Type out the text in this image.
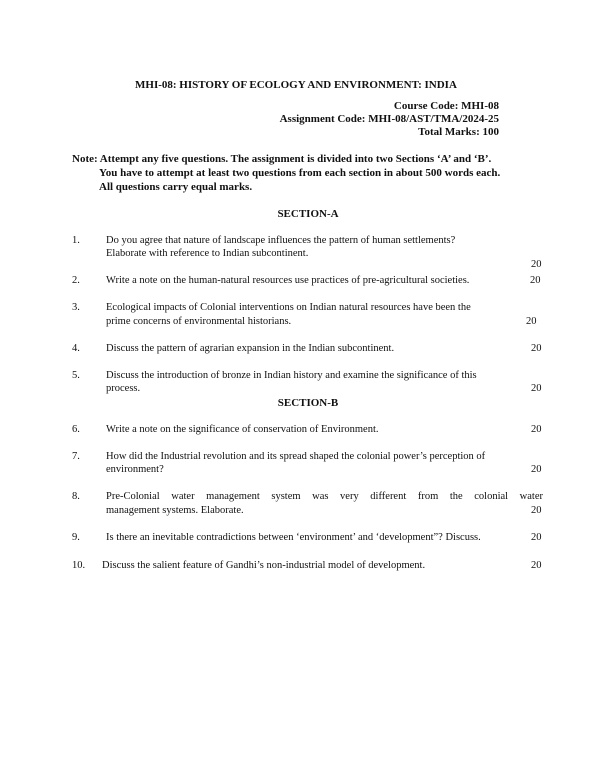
MHI-08: HISTORY OF ECOLOGY AND ENVIRONMENT: INDIA
Course Code: MHI-08
Assignment Code: MHI-08/AST/TMA/2024-25
Total Marks: 100
Note: Attempt any five questions. The assignment is divided into two Sections ‘A’ and ‘B’.
You have to attempt at least two questions from each section in about 500 words each.
All questions carry equal marks.
SECTION-A
1. Do you agree that nature of landscape influences the pattern of human settlements?
Elaborate with reference to Indian subcontinent.
20
2. Write a note on the human-natural resources use practices of pre-agricultural societies.	20
3. Ecological impacts of Colonial interventions on Indian natural resources have been the
prime concerns of environmental historians.	20
4. Discuss the pattern of agrarian expansion in the Indian subcontinent.	20
5. Discuss the introduction of bronze in Indian history and examine the significance of this
process.	20
SECTION-B
6. Write a note on the significance of conservation of Environment.	20
7. How did the Industrial revolution and its spread shaped the colonial power’s perception of
environment?	20
8. Pre-Colonial water management system was very different from the colonial water
management systems. Elaborate.	20
9. Is there an inevitable contradictions between ‘environment’ and ‘development”? Discuss.	20
10. Discuss the salient feature of Gandhi’s non-industrial model of development.	20
